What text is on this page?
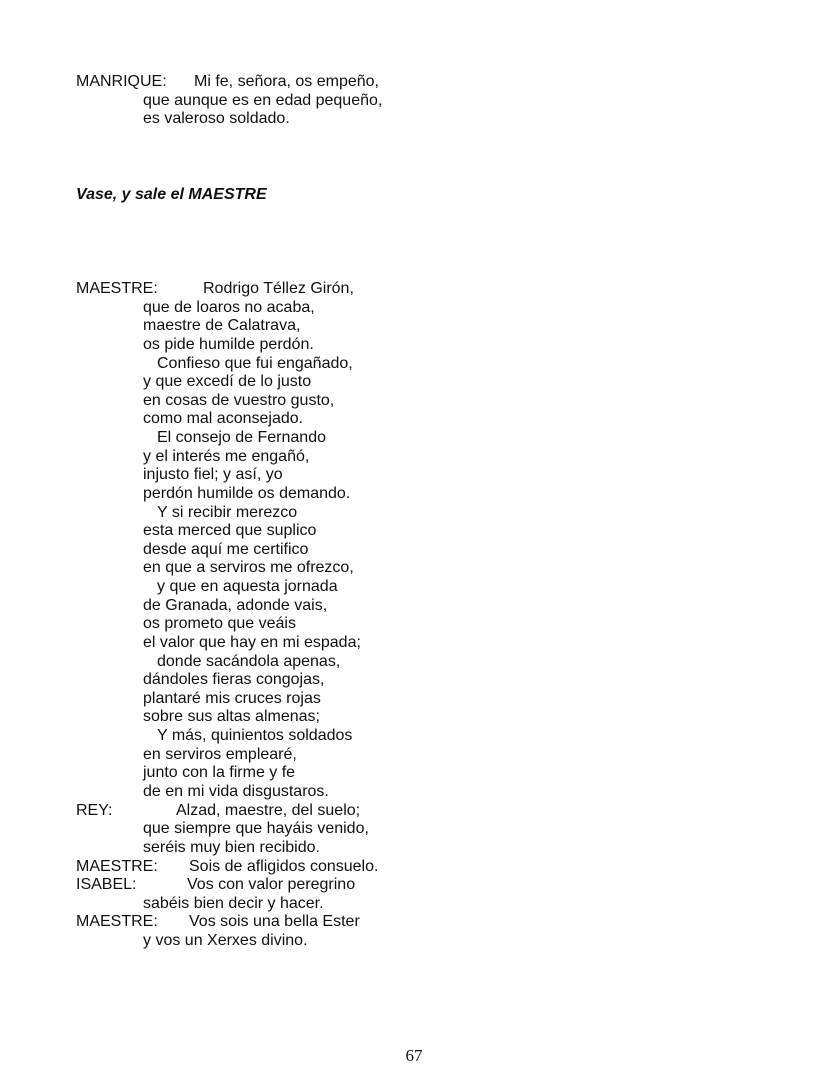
Vase, y sale el MAESTRE
67
MANRIQUE: Mi fe, señora, os empeño,
que aunque es en edad pequeño,
es valeroso soldado.
MAESTRE:	Rodrigo Téllez Girón,
que de loaros no acaba,
maestre de Calatrava,
os pide humilde perdón.
Confieso que fui engañado,
y que excedí de lo justo
en cosas de vuestro gusto,
como mal aconsejado.
El consejo de Fernando
y el interés me engañó,
injusto fiel; y así, yo
perdón humilde os demando.
Y si recibir merezco
esta merced que suplico
desde aquí me certifico
en que a serviros me ofrezco,
y que en aquesta jornada
de Granada, adonde vais,
os prometo que veáis
el valor que hay en mi espada;
donde sacándola apenas,
dándoles fieras congojas,
plantaré mis cruces rojas
sobre sus altas almenas;
Y más, quinientos soldados
en serviros emplearé,
junto con la firme y fe
de en mi vida disgustaros.
REY:	Alzad, maestre, del suelo;
que siempre que hayáis venido,
seréis muy bien recibido.
MAESTRE: Sois de afligidos consuelo.
ISABEL:	Vos con valor peregrino
sabéis bien decir y hacer.
MAESTRE: Vos sois una bella Ester
y vos un Xerxes divino.
